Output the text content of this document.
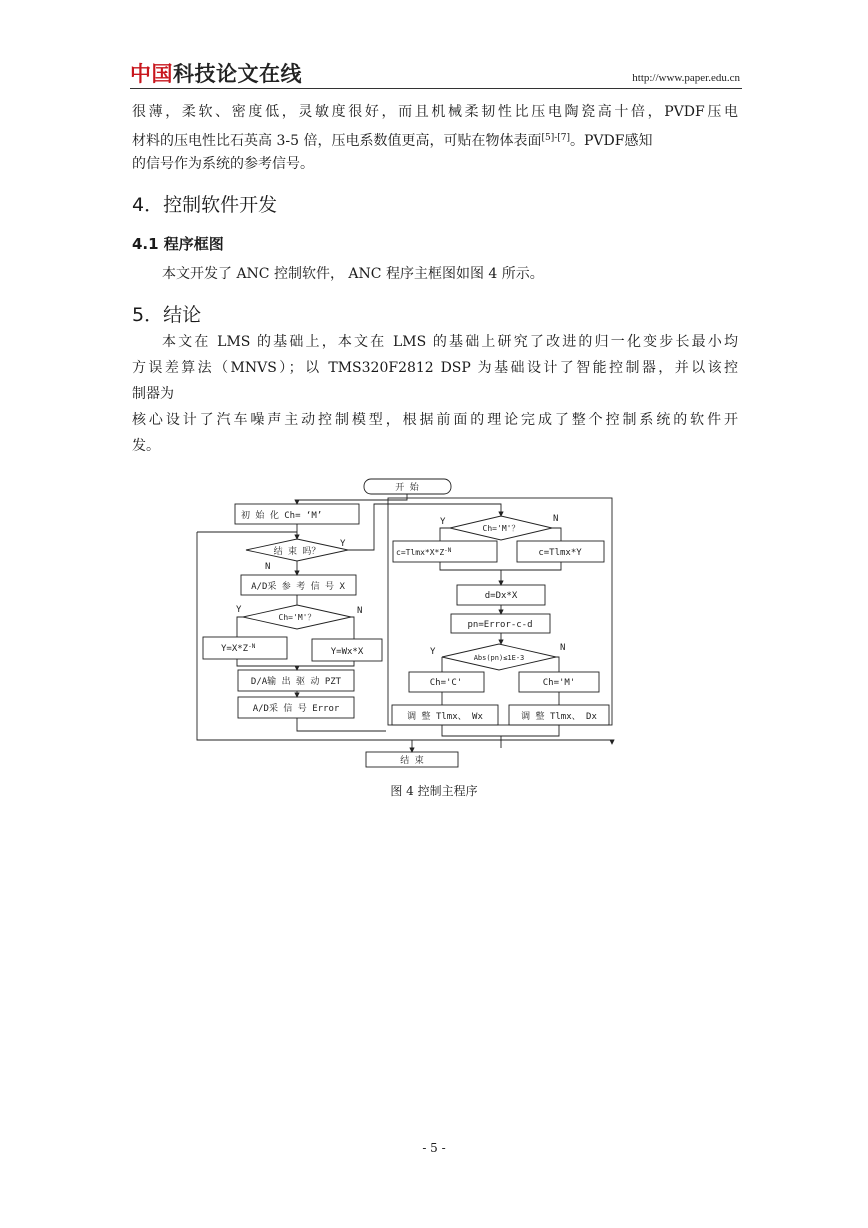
中国科技论文在线	http://www.paper.edu.cn
很薄，柔软、密度低，灵敏度很好，而且机械柔韧性比压电陶瓷高十倍，PVDF压电
材料的压电性比石英高 3-5 倍，压电系数值更高，可贴在物体表面[5]-[7]。PVDF感知
的信号作为系统的参考信号。
4．控制软件开发
4.1 程序框图
本文开发了 ANC 控制软件， ANC 程序主框图如图 4 所示。
5．结论
本文在 LMS 的基础上，本文在 LMS 的基础上研究了改进的归一化变步长最小均
方误差算法（MNVS）；以 TMS320F2812 DSP 为基础设计了智能控制器，并以该控
制器为
核心设计了汽车噪声主动控制模型，根据前面的理论完成了整个控制系统的软件开
发。
开 始
初 始 化 Ch= ‘M’
结 束 吗？
Y
N
A/D采 参 考 信 号 X
Y	N
Ch='M'？
$Y=X*Z^{-N}$
Y=Wx*X
D/A输 出 驱 动 PZT
A/D采 信 号 Error
Y	N
Ch='M'？
$c=Tlmx*X*Z^{-N}$	c=Tlmx*Y
d=Dx*X
pn=Error-c-d
Y	N
Abs(pn)≤1E-3
Ch='C'	Ch='M'
调 整 Tlmx、 Wx	调 整 Tlmx、 Dx
结 束
图 4 控制主程序
- 5 -
